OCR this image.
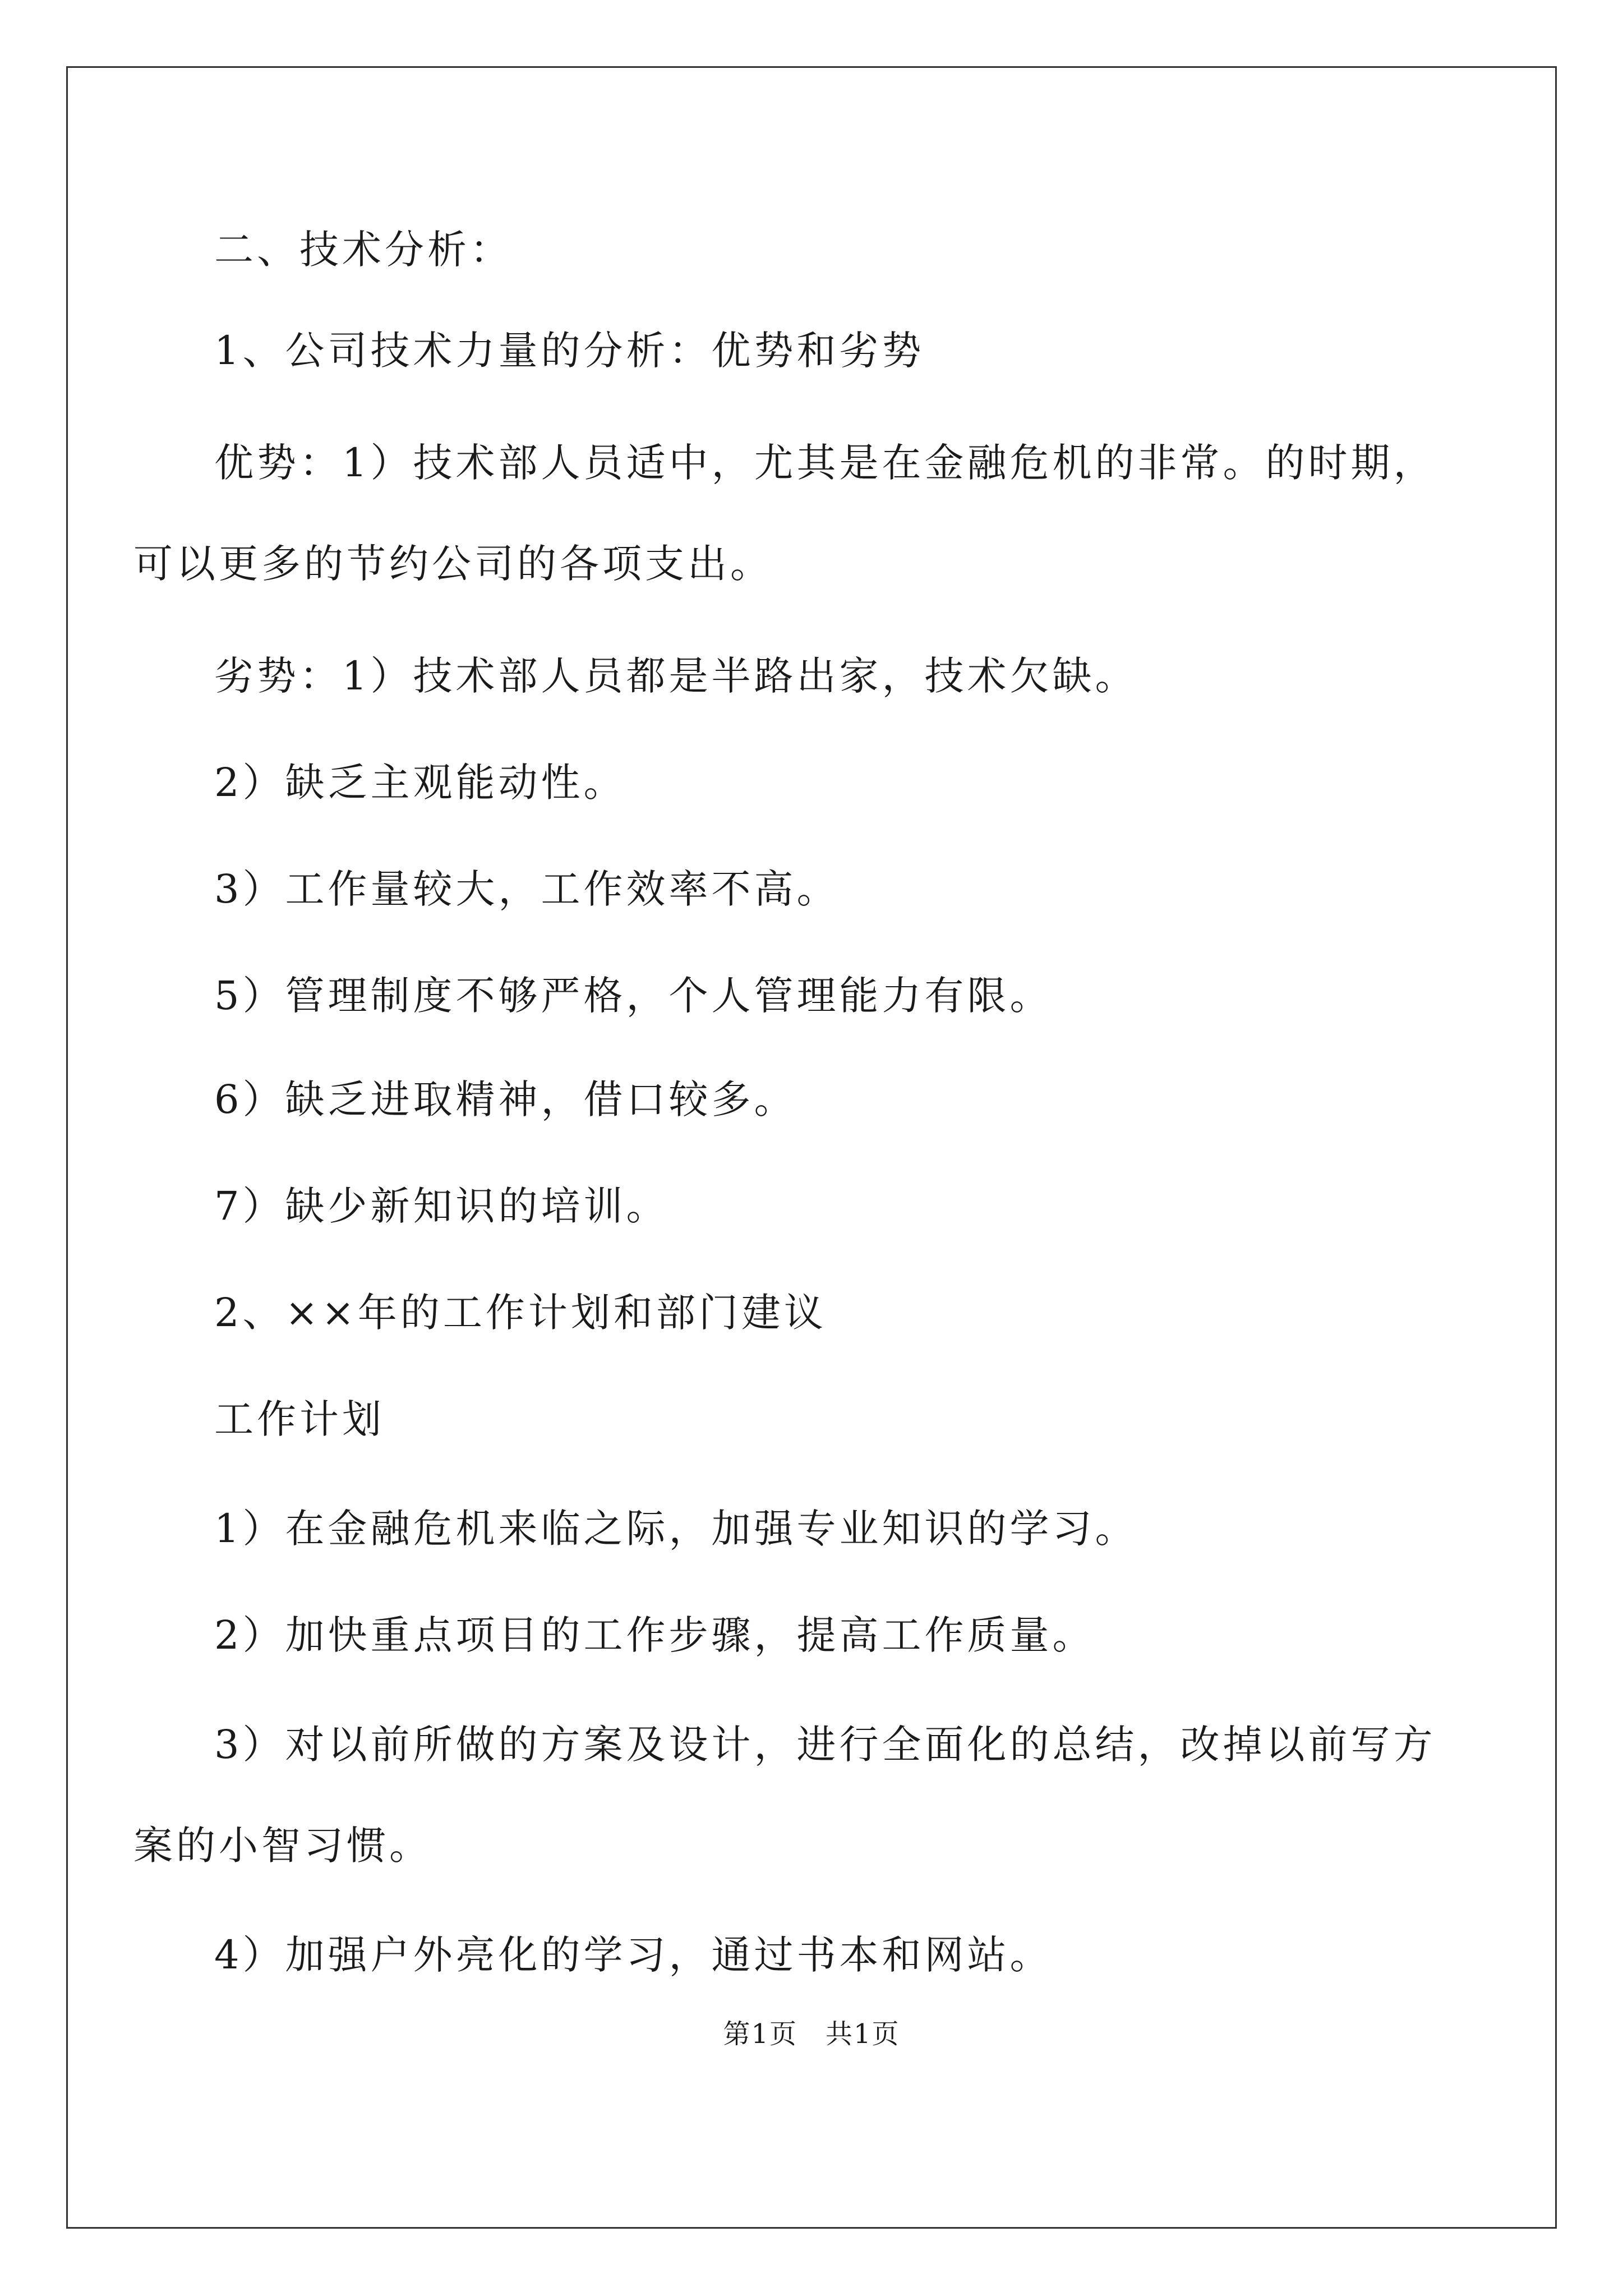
二、技术分析：
1、公司技术力量的分析：优势和劣势
优势：1）技术部人员适中，尤其是在金融危机的非常。的时期，
可以更多的节约公司的各项支出。
劣势：1）技术部人员都是半路出家，技术欠缺。
2）缺乏主观能动性。
3）工作量较大，工作效率不高。
5）管理制度不够严格，个人管理能力有限。
6）缺乏进取精神，借口较多。
7）缺少新知识的培训。
2、××年的工作计划和部门建议
工作计划
1）在金融危机来临之际，加强专业知识的学习。
2）加快重点项目的工作步骤，提高工作质量。
3）对以前所做的方案及设计，进行全面化的总结，改掉以前写方
案的小智习惯。
4）加强户外亮化的学习，通过书本和网站。
第1页　共1页
